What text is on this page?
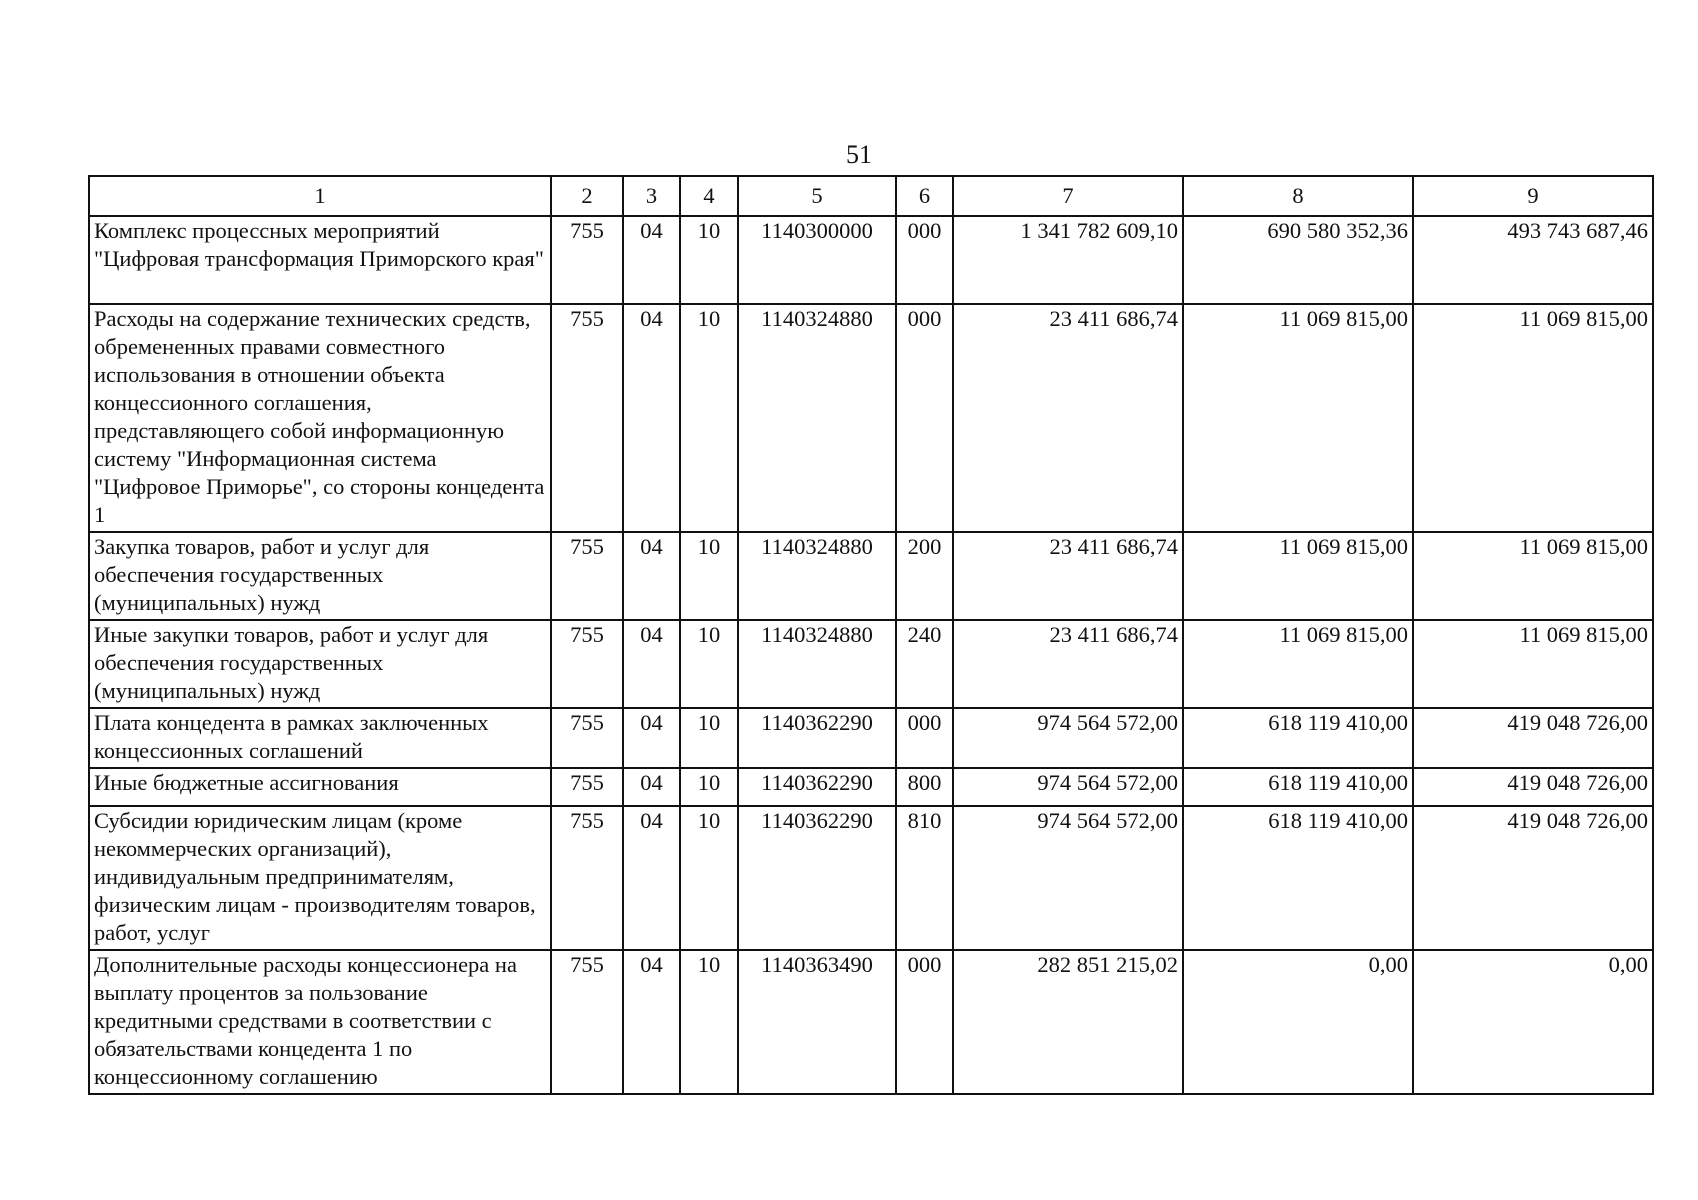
51
1	2	3	4	5	6	7	8	9
Комплекс процессных мероприятий "Цифровая трансформация Приморского края"	755	04	10	1140300000	000	1 341 782 609,10	690 580 352,36	493 743 687,46
Расходы на содержание технических средств, обремененных правами совместного использования в отношении объекта концессионного соглашения, представляющего собой информационную систему "Информационная система "Цифровое Приморье", со стороны концедента 1	755	04	10	1140324880	000	23 411 686,74	11 069 815,00	11 069 815,00
Закупка товаров, работ и услуг для обеспечения государственных (муниципальных) нужд	755	04	10	1140324880	200	23 411 686,74	11 069 815,00	11 069 815,00
Иные закупки товаров, работ и услуг для обеспечения государственных (муниципальных) нужд	755	04	10	1140324880	240	23 411 686,74	11 069 815,00	11 069 815,00
Плата концедента в рамках заключенных концессионных соглашений	755	04	10	1140362290	000	974 564 572,00	618 119 410,00	419 048 726,00
Иные бюджетные ассигнования	755	04	10	1140362290	800	974 564 572,00	618 119 410,00	419 048 726,00
Субсидии юридическим лицам (кроме некоммерческих организаций), индивидуальным предпринимателям, физическим лицам - производителям товаров, работ, услуг	755	04	10	1140362290	810	974 564 572,00	618 119 410,00	419 048 726,00
Дополнительные расходы концессионера на выплату процентов за пользование кредитными средствами в соответствии с обязательствами концедента 1 по концессионному соглашению	755	04	10	1140363490	000	282 851 215,02	0,00	0,00
